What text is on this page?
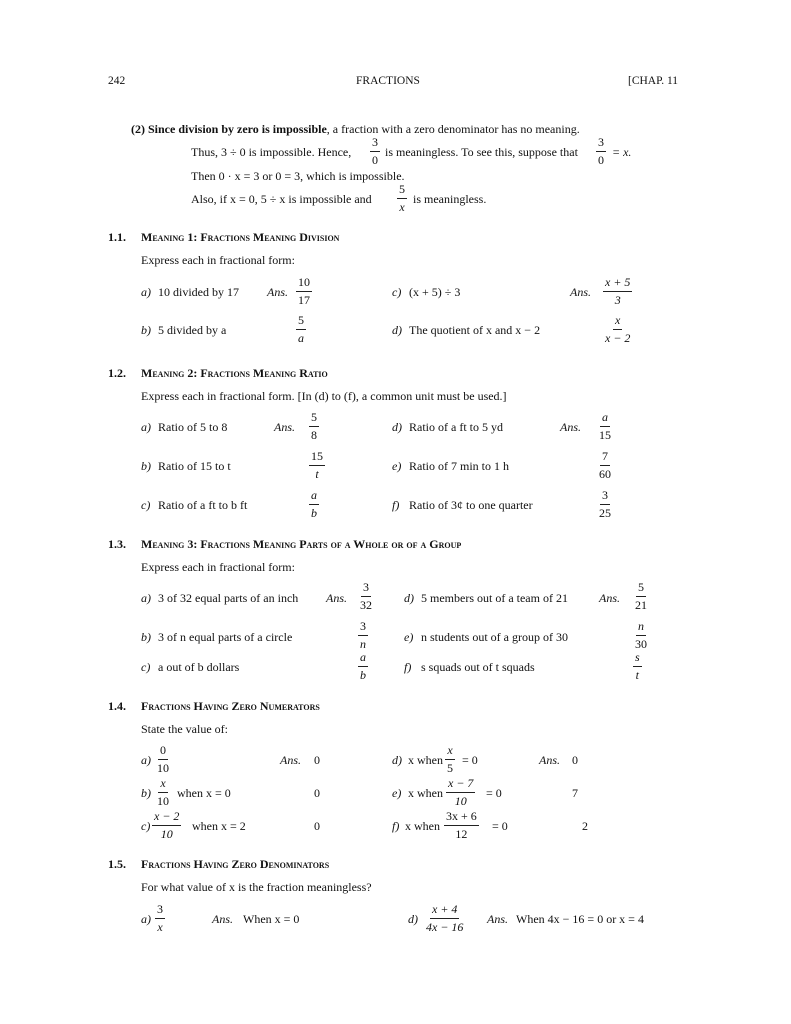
242	FRACTIONS	[CHAP. 11
(2) Since division by zero is impossible, a fraction with a zero denominator has no meaning.
Thus, 3 ÷ 0 is impossible. Hence, $\frac{3}{0}$ is meaningless. To see this, suppose that $\frac{3}{0} = x$.
Then 0 · x = 3 or 0 = 3, which is impossible.
Also, if x = 0, 5 ÷ x is impossible and $\frac{5}{x}$ is meaningless.
1.1. Meaning 1: Fractions Meaning Division
Express each in fractional form:
a) 10 divided by 17 Ans. $\frac{10}{17}$
b) 5 divided by a	$\frac{5}{a}$
c) (x + 5) ÷ 3	Ans. $\frac{x + 5}{3}$
d) The quotient of x and x − 2	$\frac{x}{x - 2}$
1.2. Meaning 2: Fractions Meaning Ratio
Express each in fractional form. [In (d) to (f), a common unit must be used.]
a) Ratio of 5 to 8	Ans. $\frac{5}{8}$
b) Ratio of 15 to t	$\frac{15}{t}$
c) Ratio of a ft to b ft	$\frac{a}{b}$
d) Ratio of a ft to 5 yd	Ans. $\frac{a}{15}$
e) Ratio of 7 min to 1 h	$\frac{7}{60}$
f) Ratio of 3¢ to one quarter	$\frac{3}{25}$
1.3. Meaning 3: Fractions Meaning Parts of a Whole or of a Group
Express each in fractional form:
a) 3 of 32 equal parts of an inch Ans. $\frac{3}{32}$
b) 3 of n equal parts of a circle	$\frac{3}{n}$
c) a out of b dollars	$\frac{a}{b}$
d) 5 members out of a team of 21	Ans. $\frac{5}{21}$
e) n students out of a group of 30	$\frac{n}{30}$
f) s squads out of t squads	$\frac{s}{t}$
1.4. Fractions Having Zero Numerators
State the value of:
$a) \frac{0}{10}$	Ans. 0
$b) \frac{x}{10}$ when x = 0	0
$c) \frac{x - 2}{10}$ when x = 2	0
d) x when $\frac{x}{5} = 0$	Ans. 0
e) x when $\frac{x - 7}{10} = 0$	7
f) x when $\frac{3x + 6}{12} = 0$	2
1.5. Fractions Having Zero Denominators
For what value of x is the fraction meaningless?
$a) \frac{3}{x}$	Ans. When x = 0	$d) \frac{x + 4}{4x - 16}$ Ans. When 4x − 16 = 0 or x = 4
